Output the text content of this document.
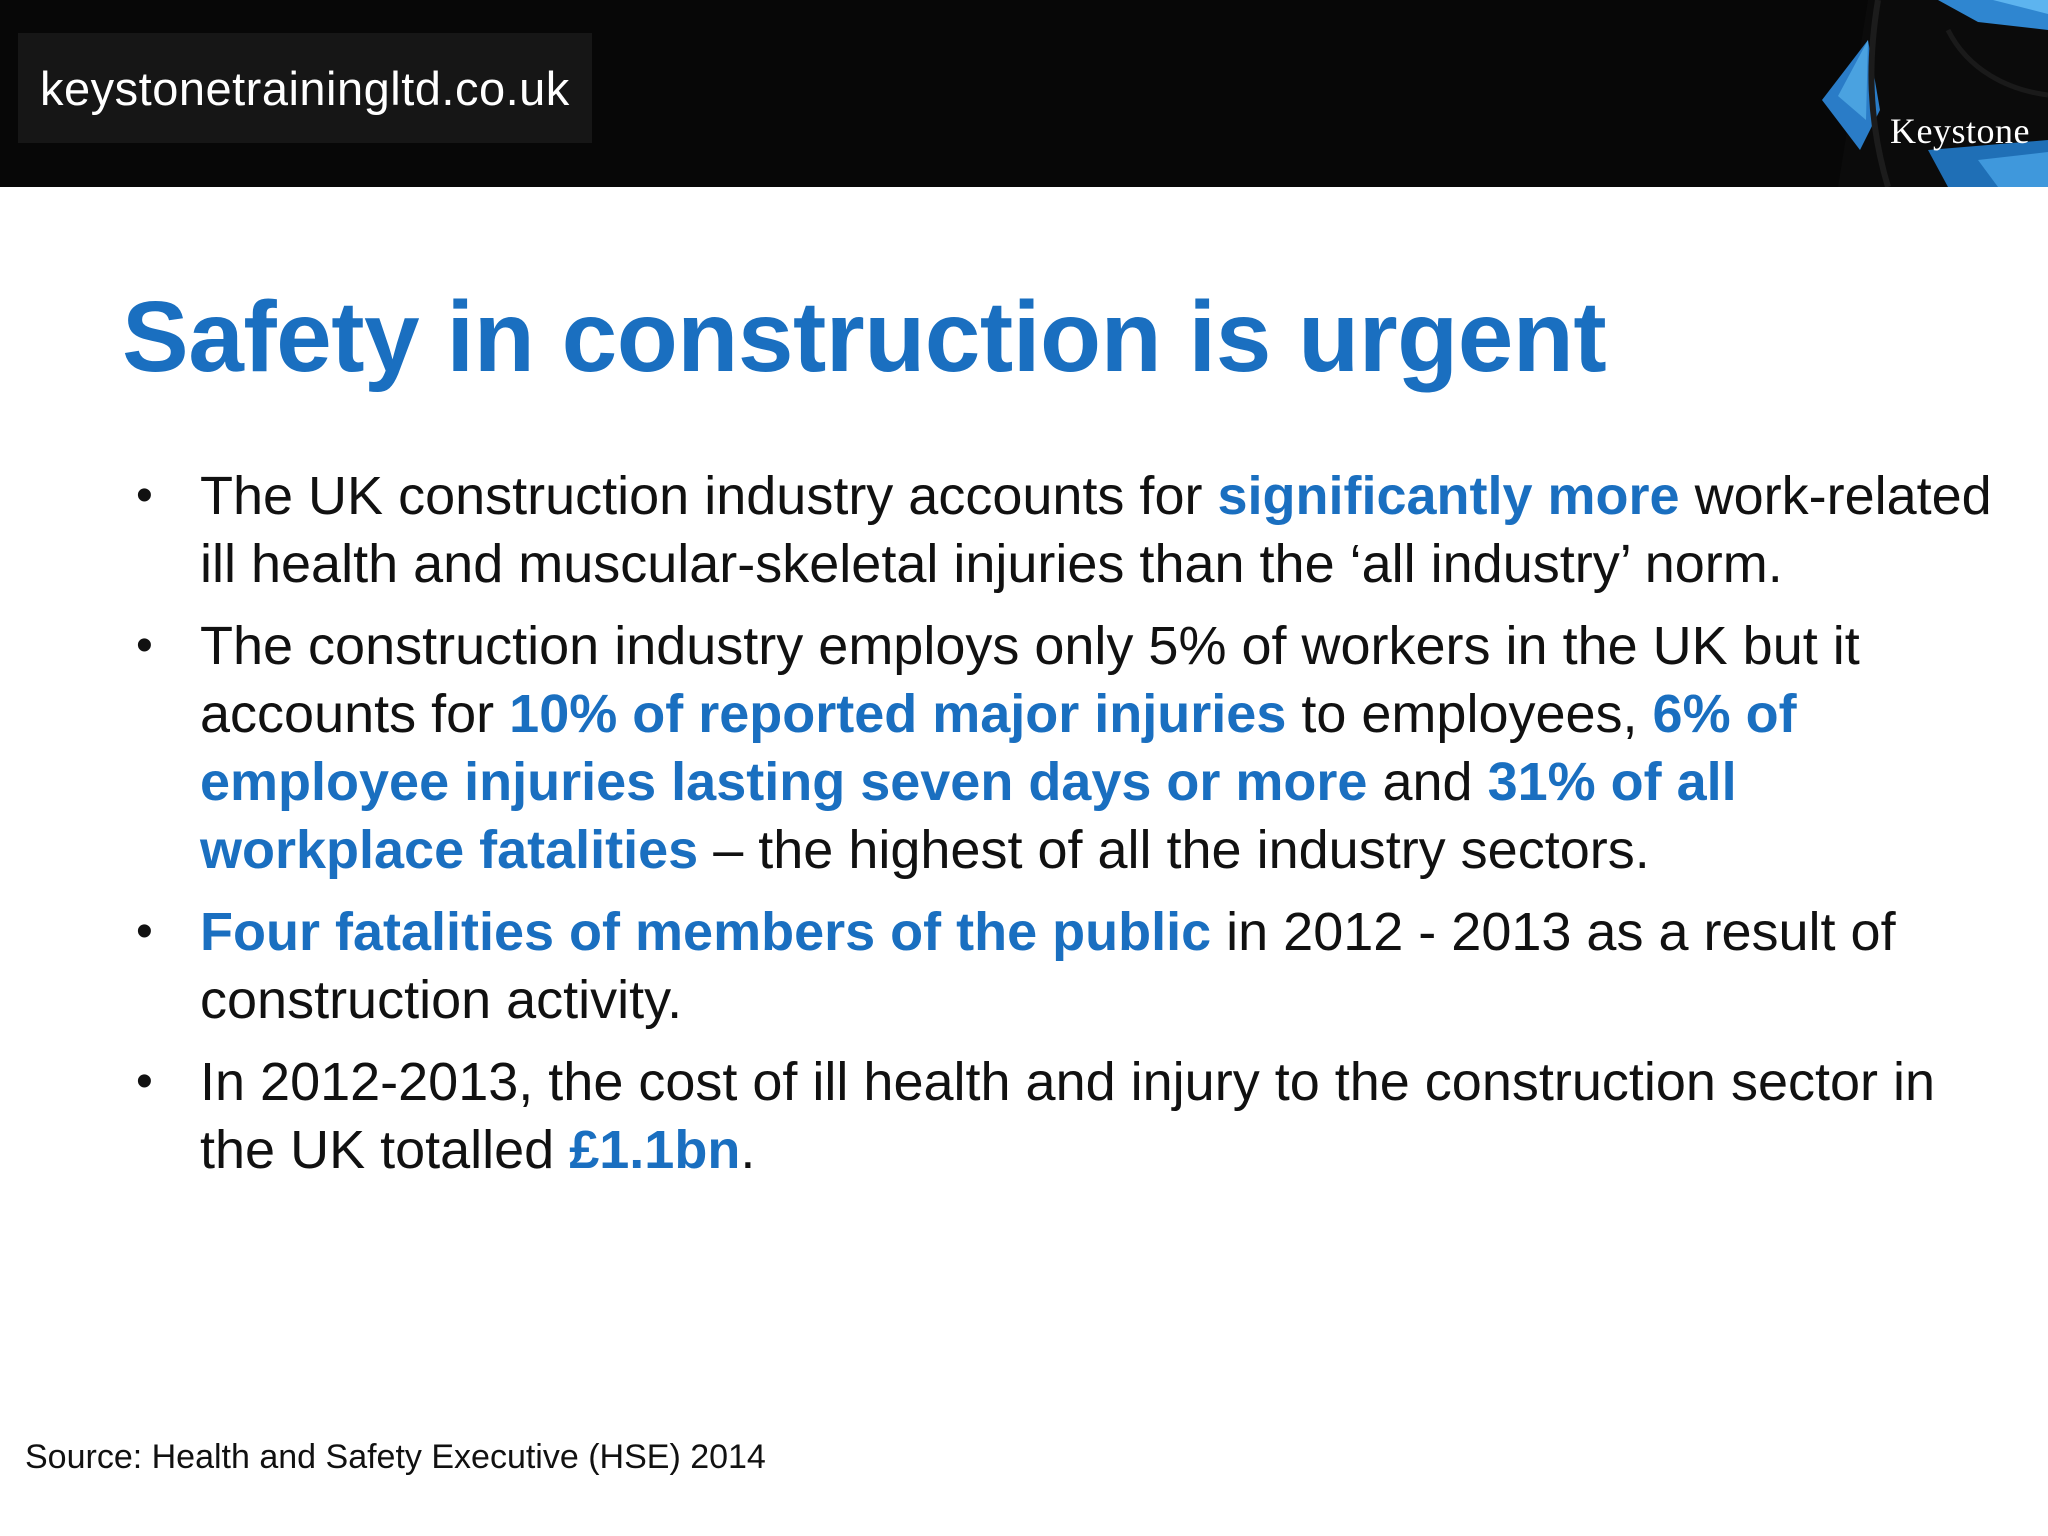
keystonetrainingltd.co.uk
Keystone
Safety in construction is urgent
• The UK construction industry accounts for significantly more work-related ill health and muscular-skeletal injuries than the ‘all industry’ norm.
• The construction industry employs only 5% of workers in the UK but it accounts for 10% of reported major injuries to employees, 6% of employee injuries lasting seven days or more and 31% of all workplace fatalities – the highest of all the industry sectors.
• Four fatalities of members of the public in 2012 - 2013 as a result of construction activity.
• In 2012-2013, the cost of ill health and injury to the construction sector in the UK totalled £1.1bn.
Source: Health and Safety Executive (HSE) 2014
